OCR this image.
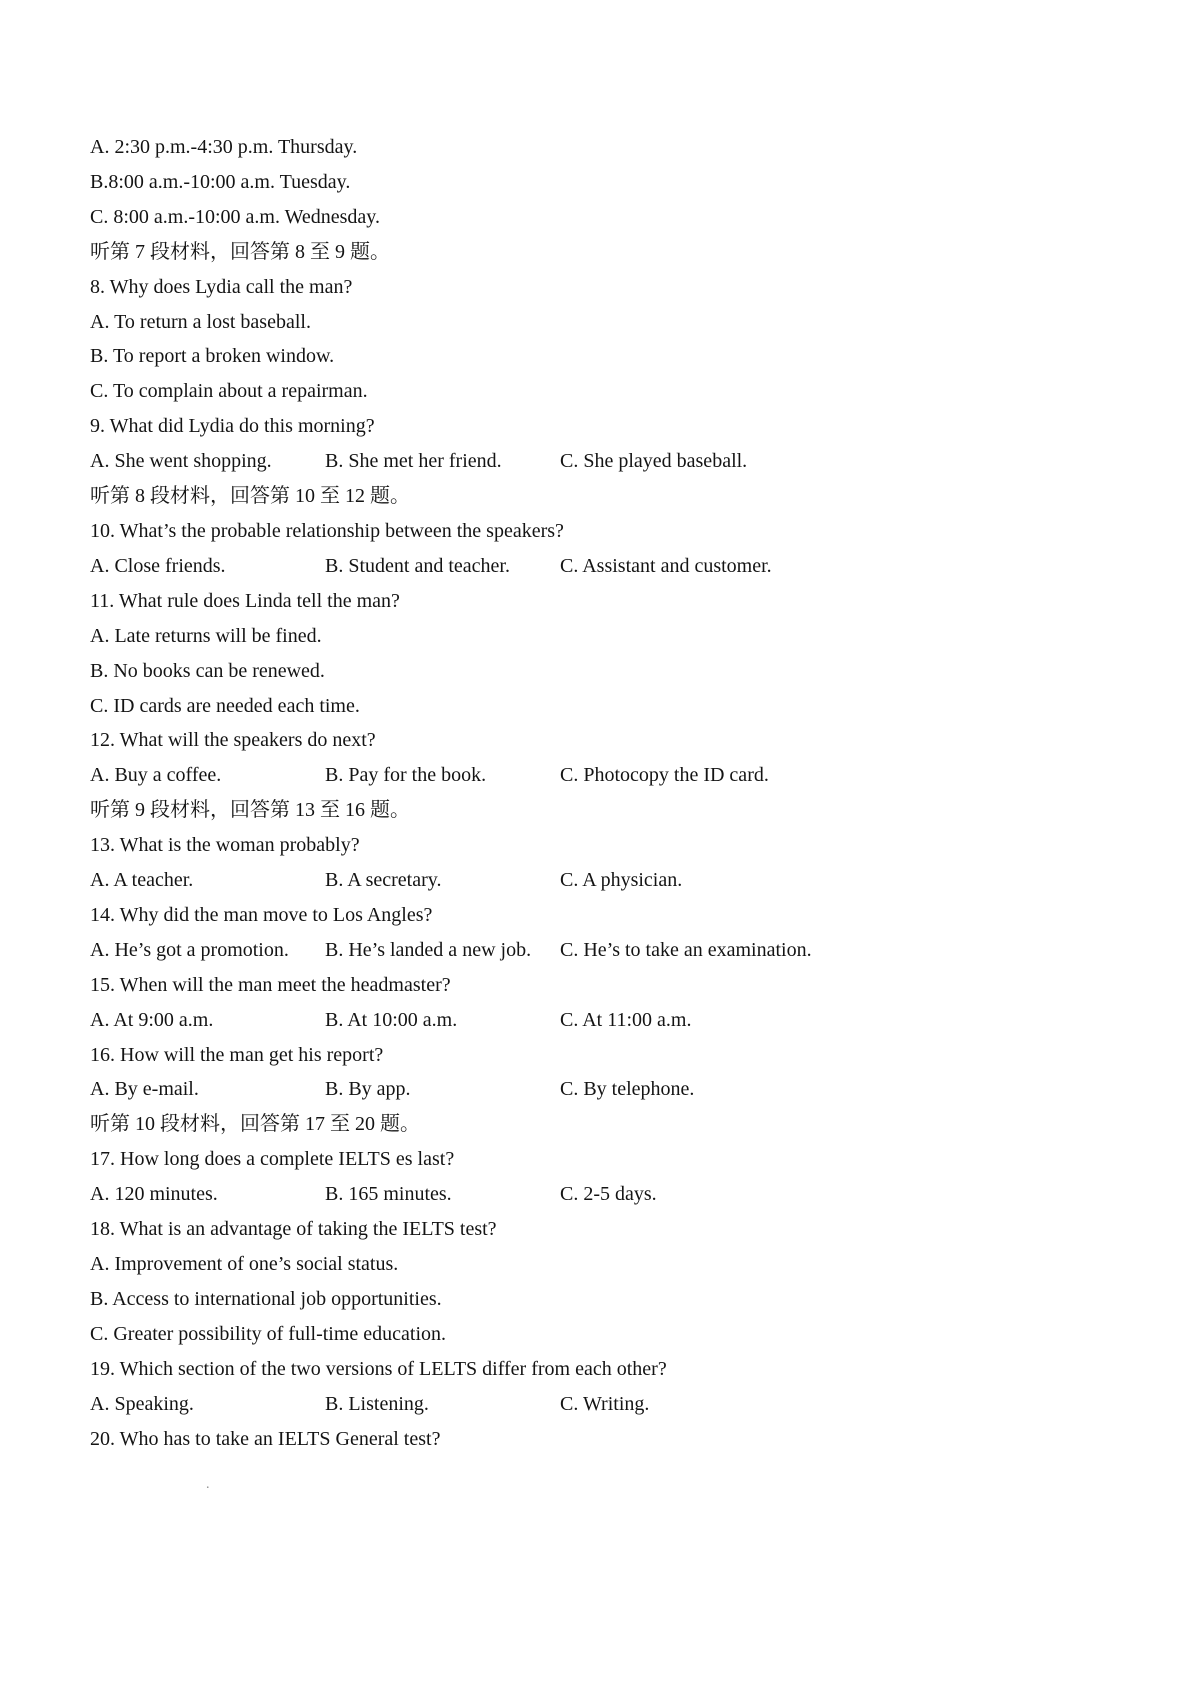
A. 2:30 p.m.-4:30 p.m. Thursday.
B.8:00 a.m.-10:00 a.m. Tuesday.
C. 8:00 a.m.-10:00 a.m. Wednesday.
听第 7 段材料，回答第 8 至 9 题。
8. Why does Lydia call the man?
A. To return a lost baseball.
B. To report a broken window.
C. To complain about a repairman.
9. What did Lydia do this morning?
A. She went shopping.	B. She met her friend.	C. She played baseball.
听第 8 段材料，回答第 10 至 12 题。
10. What’s the probable relationship between the speakers?
A. Close friends.	B. Student and teacher.	C. Assistant and customer.
11. What rule does Linda tell the man?
A. Late returns will be fined.
B. No books can be renewed.
C. ID cards are needed each time.
12. What will the speakers do next?
A. Buy a coffee.	B. Pay for the book.	C. Photocopy the ID card.
听第 9 段材料，回答第 13 至 16 题。
13. What is the woman probably?
A. A teacher.	B. A secretary.	C. A physician.
14. Why did the man move to Los Angles?
A. He’s got a promotion. B. He’s landed a new job. C. He’s to take an examination.
15. When will the man meet the headmaster?
A. At 9:00 a.m.	B. At 10:00 a.m.	C. At 11:00 a.m.
16. How will the man get his report?
A. By e-mail.	B. By app.	C. By telephone.
听第 10 段材料，回答第 17 至 20 题。
17. How long does a complete IELTS es last?
A. 120 minutes.	B. 165 minutes.	C. 2-5 days.
18. What is an advantage of taking the IELTS test?
A. Improvement of one’s social status.
B. Access to international job opportunities.
C. Greater possibility of full-time education.
19. Which section of the two versions of LELTS differ from each other?
A. Speaking.	B. Listening.	C. Writing.
20. Who has to take an IELTS General test?
.
